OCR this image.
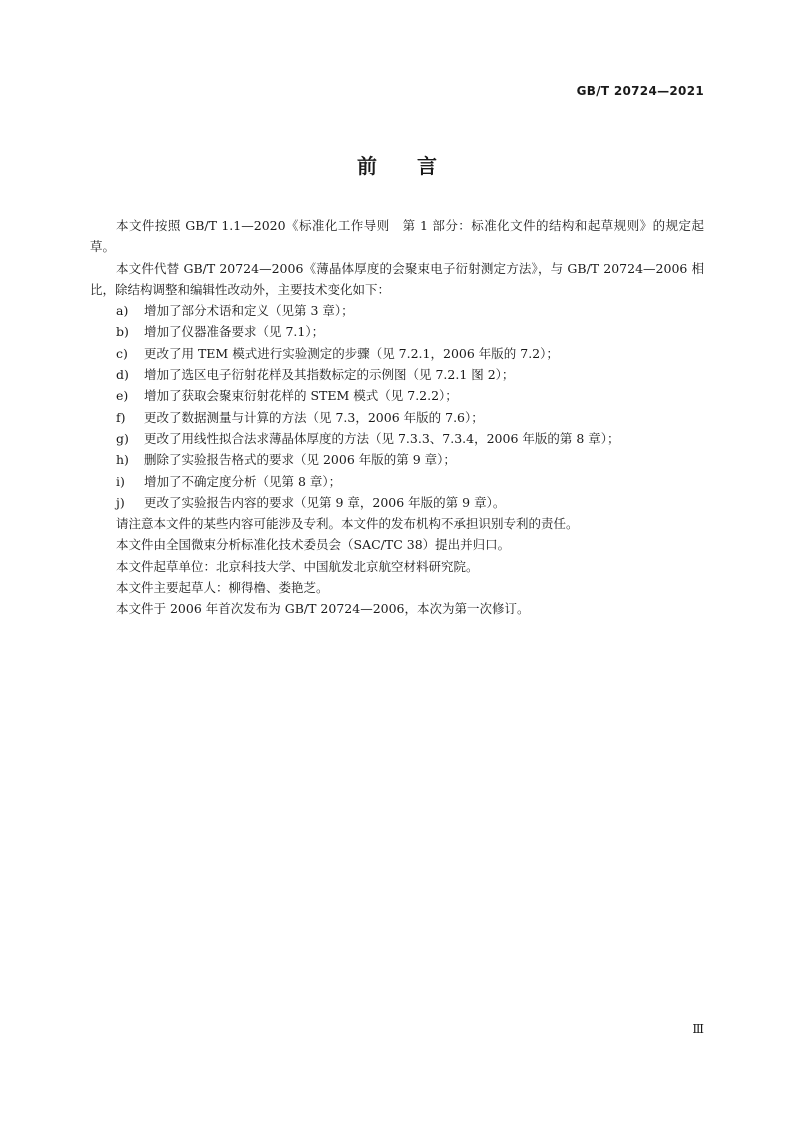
GB/T 20724—2021
前言

本文件按照 GB/T 1.1—2020《标准化工作导则　第 1 部分：标准化文件的结构和起草规则》的规定起草。

本文件代替 GB/T 20724—2006《薄晶体厚度的会聚束电子衍射测定方法》，与 GB/T 20724—2006 相比，除结构调整和编辑性改动外，主要技术变化如下：

a) 增加了部分术语和定义（见第 3 章）；
b) 增加了仪器准备要求（见 7.1）；
c) 更改了用 TEM 模式进行实验测定的步骤（见 7.2.1，2006 年版的 7.2）；
d) 增加了选区电子衍射花样及其指数标定的示例图（见 7.2.1 图 2）；
e) 增加了获取会聚束衍射花样的 STEM 模式（见 7.2.2）；
f) 更改了数据测量与计算的方法（见 7.3，2006 年版的 7.6）；
g) 更改了用线性拟合法求薄晶体厚度的方法（见 7.3.3、7.3.4，2006 年版的第 8 章）；
h) 删除了实验报告格式的要求（见 2006 年版的第 9 章）；
i) 增加了不确定度分析（见第 8 章）；
j) 更改了实验报告内容的要求（见第 9 章，2006 年版的第 9 章）。

请注意本文件的某些内容可能涉及专利。本文件的发布机构不承担识别专利的责任。

本文件由全国微束分析标准化技术委员会（SAC/TC 38）提出并归口。

本文件起草单位：北京科技大学、中国航发北京航空材料研究院。

本文件主要起草人：柳得橹、娄艳芝。

本文件于 2006 年首次发布为 GB/T 20724—2006，本次为第一次修订。

Ⅲ
